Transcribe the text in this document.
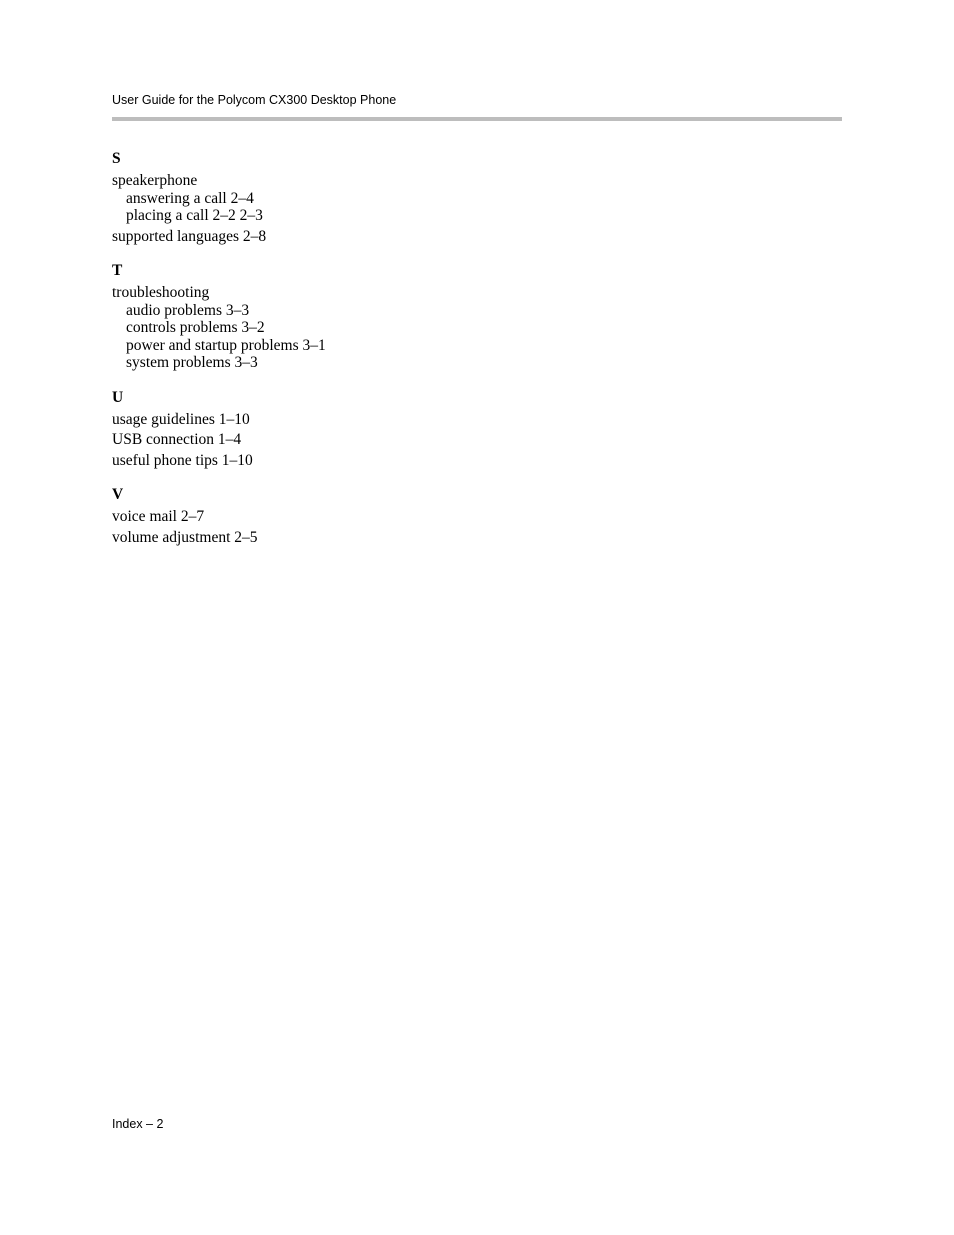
User Guide for the Polycom CX300 Desktop Phone
S
speakerphone
answering a call 2–4
placing a call 2–2 2–3
supported languages 2–8
T
troubleshooting
audio problems 3–3
controls problems 3–2
power and startup problems 3–1
system problems 3–3
U
usage guidelines 1–10
USB connection 1–4
useful phone tips 1–10
V
voice mail 2–7
volume adjustment 2–5
Index – 2
